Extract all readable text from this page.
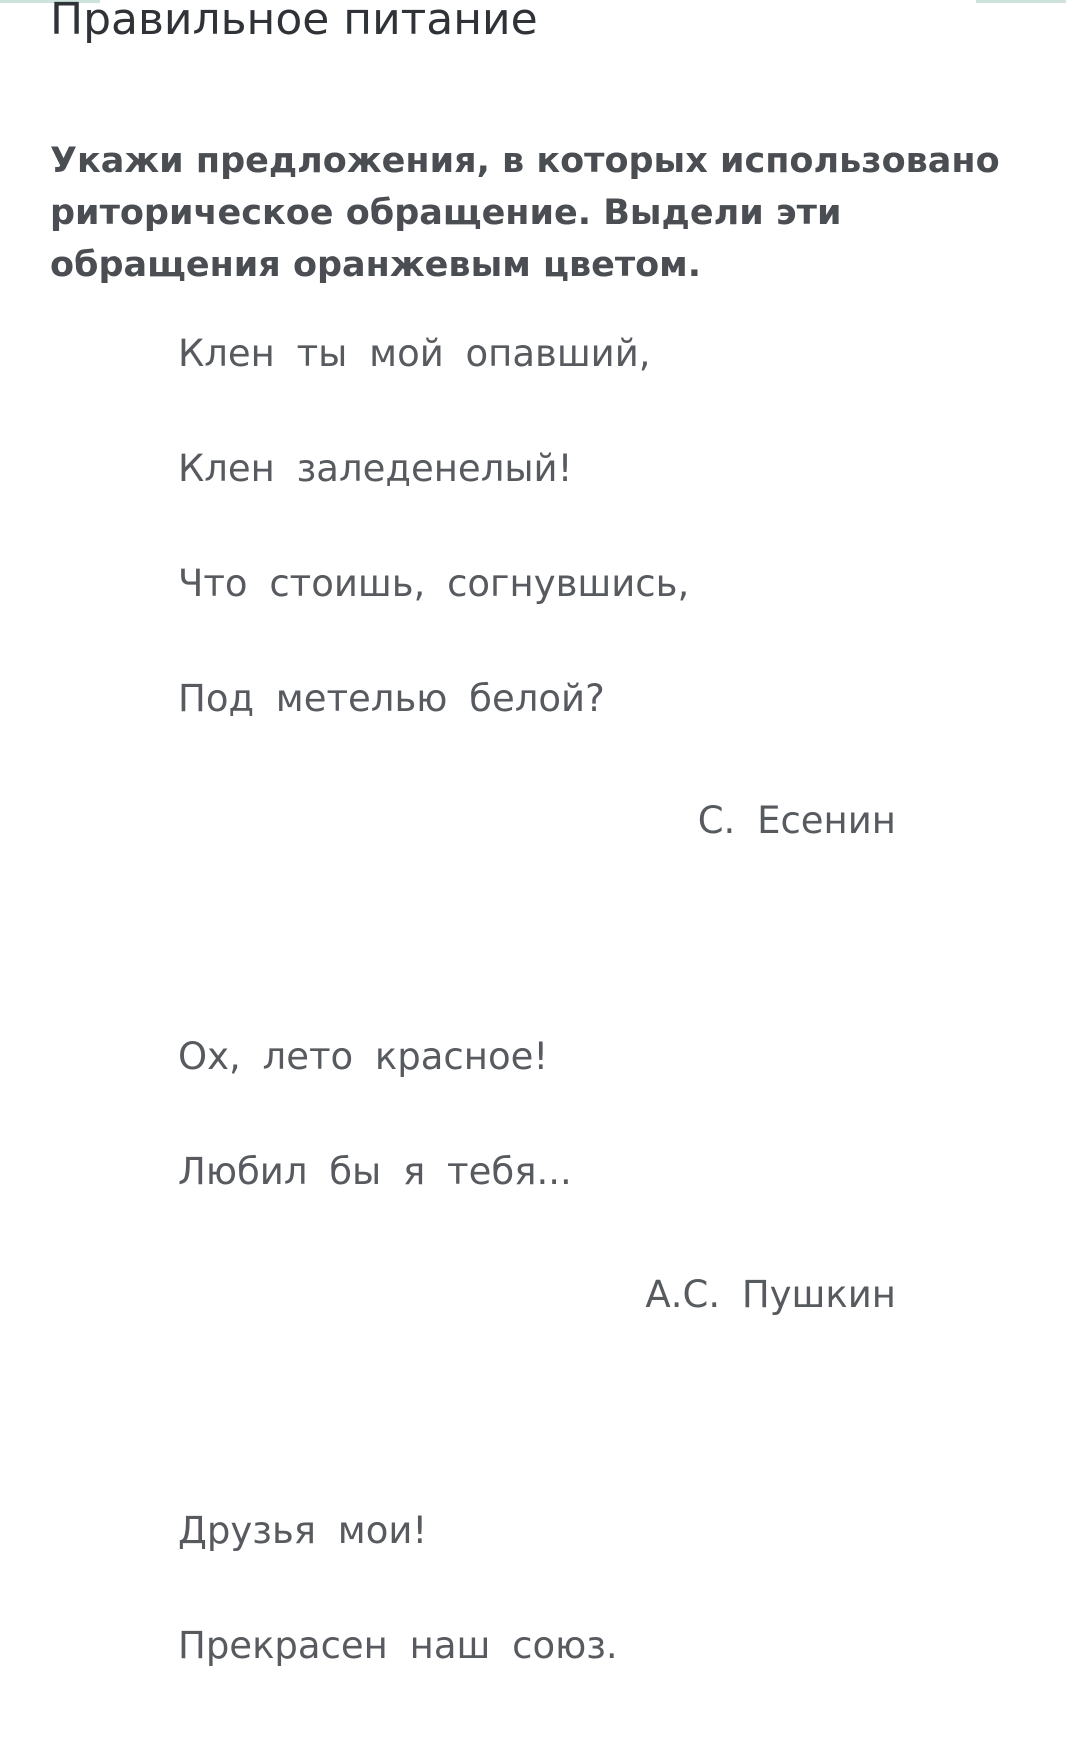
Правильное питание

Укажи предложения, в которых использовано риторическое обращение. Выдели эти обращения оранжевым цветом.

Клен ты мой опавший,

Клен заледенелый!

Что стоишь, согнувшись,

Под метелью белой?

С. Есенин

Ох, лето красное!

Любил бы я тебя...

А.С. Пушкин

Друзья мои!

Прекрасен наш союз.
